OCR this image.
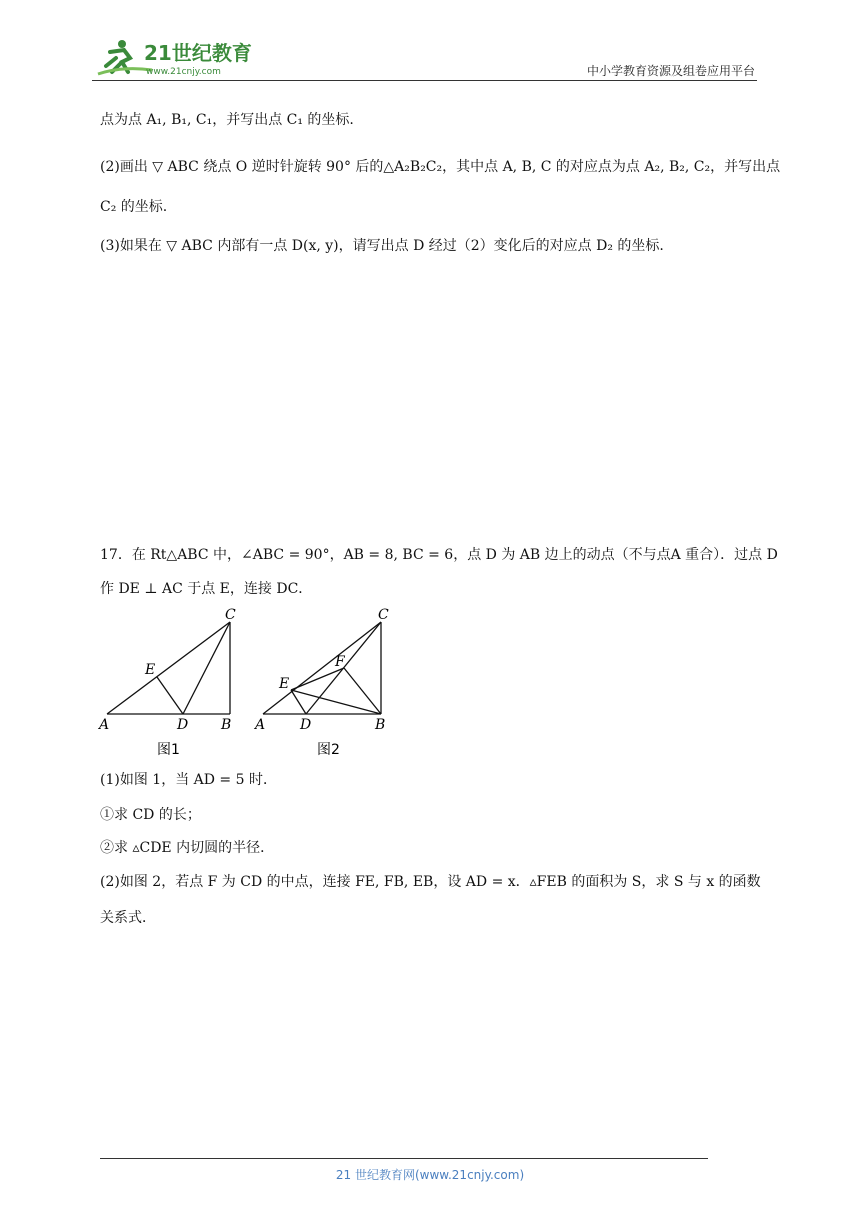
21世纪教育
www.21cnjy.com	中小学教育资源及组卷应用平台
点为点 A₁, B₁, C₁，并写出点 C₁ 的坐标.
(2)画出 ▽ ABC 绕点 O 逆时针旋转 90° 后的△A₂B₂C₂，其中点 A, B, C 的对应点为点 A₂, B₂, C₂，并写出点
C₂ 的坐标.
(3)如果在 ▽ ABC 内部有一点 D(x, y)，请写出点 D 经过（2）变化后的对应点 D₂ 的坐标.
17．在 Rt△ABC 中，∠ABC = 90°，AB = 8, BC = 6，点 D 为 AB 边上的动点（不与点A 重合）．过点 D
作 DE ⊥ AC 于点 E，连接 DC．
A	D B
C
E
图1
A D	B
C
E
F
图2
(1)如图 1，当 AD = 5 时．
①求 CD 的长；
②求 ▵CDE 内切圆的半径．
(2)如图 2，若点 F 为 CD 的中点，连接 FE, FB, EB，设 AD = x．▵FEB 的面积为 S，求 S 与 x 的函数
关系式．
21 世纪教育网(www.21cnjy.com)
